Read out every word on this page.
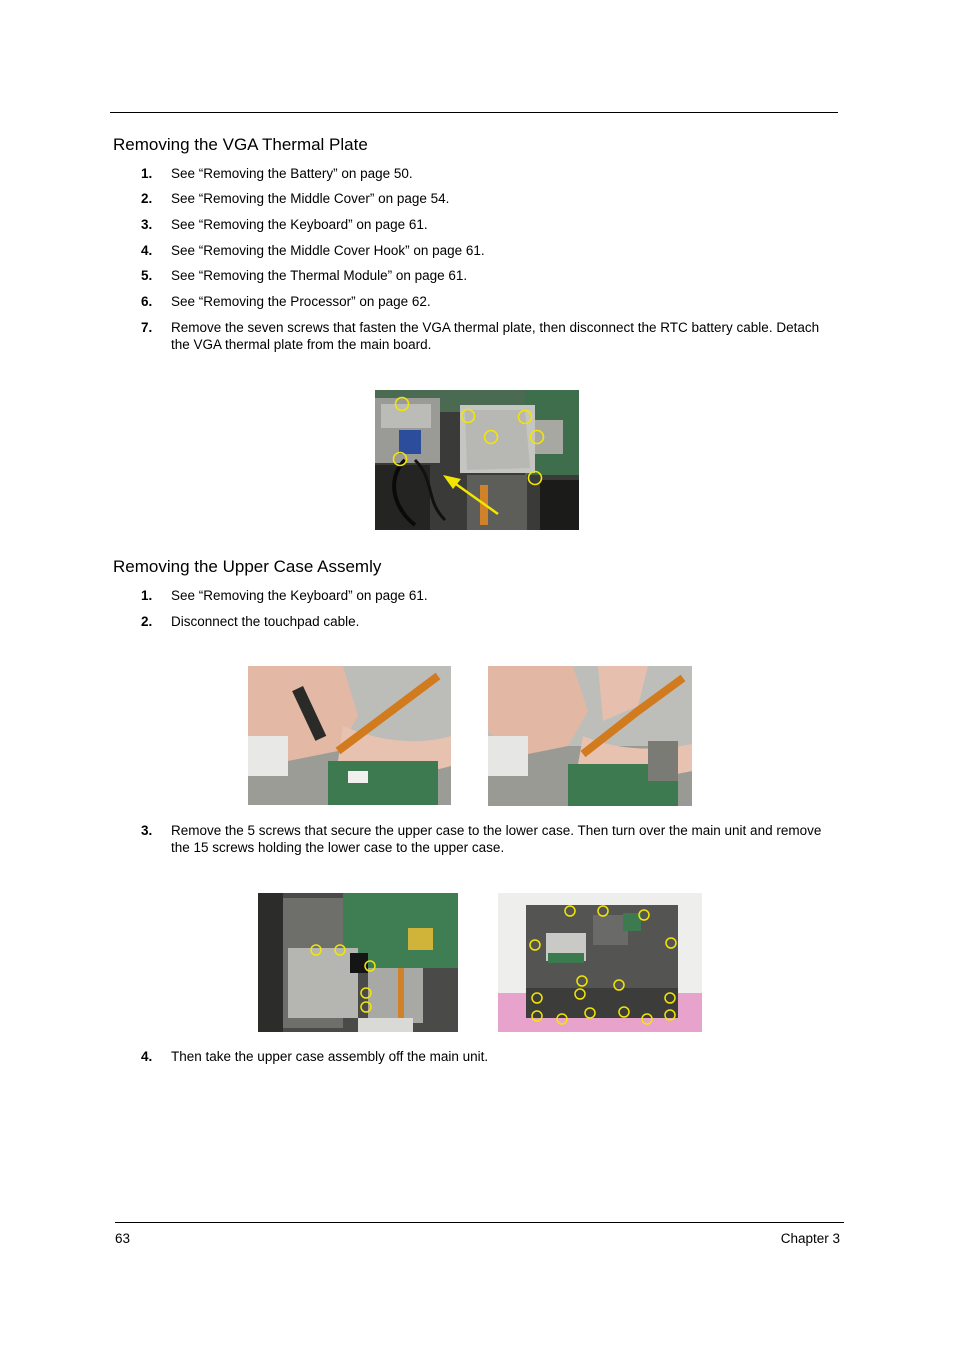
Removing the VGA Thermal Plate
1.	See “Removing the Battery” on page 50.
2.	See “Removing the Middle Cover” on page 54.
3.	See “Removing the Keyboard” on page 61.
4.	See “Removing the Middle Cover Hook” on page 61.
5.	See “Removing the Thermal Module” on page 61.
6.	See “Removing the Processor” on page 62.
7.	Remove the seven screws that fasten the VGA thermal plate, then disconnect the RTC battery cable. Detach the VGA thermal plate from the main board.
Removing the Upper Case Assemly
1.	See “Removing the Keyboard” on page 61.
2.	Disconnect the touchpad cable.
3.	Remove the 5 screws that secure the upper case to the lower case. Then turn over the main unit and remove the 15 screws holding the lower case to the upper case.
4.	Then take the upper case assembly off the main unit.
63	Chapter 3
